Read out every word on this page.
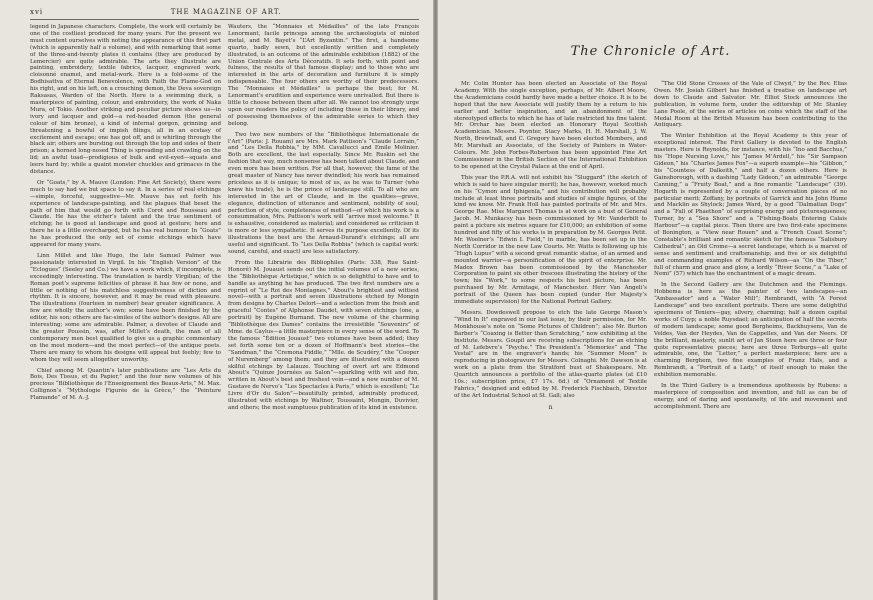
xvi	THE MAGAZINE OF ART.

legend in Japanese characters. Complete, the work will certainly be one of the costliest produced for many years. For the present we must content ourselves with noting the appearance of this first part (which is apparently half a volume), and with remarking that some of the three-and-twenty plates it contains (they are produced by Lemercier) are quite admirable. The arts they illustrate are painting, embroidery, textile fabrics, lacquer, engraved work, cloisonné enamel, and metal-work. Here is a fold-some of the Bodhisattva of Eternal Benevolence, with Faith the Flame-God on his right, and on his left, on a crouching demon, the Deva sovereign Raksasas, Warden of the North. Here is a swimming duck, a masterpiece of painting, colour, and embroidery, the work of Naka Mura, of Tokio. Another striking and peculiar picture shows us—in ivory and lacquer and gold—a red-headed demon (the general colour of him bronze), a kind of infernal gorgon, grinning and threatening a bowful of impish filings, all in an ecstasy of excitement and escape; one has got off, and is whirling through the black air; others are bursting out through the top and sides of their prison; a horned long-nosed Thing is spreading and crawling on the lid; an awful toad—prodigious of bulk and evil-eyed—squats and leers hard by; while a quaint monster chuckles and grimaces in the distance.

Or “Goats,” by A. Mauve (London: Fine Art Society), there were much to say had we but space to say it. In a series of real etchings—simple, forceful, suggestive—Mr. Mauve has set forth his experience of landscape-painting, and the plagues that beset the path of him that would go forth with Corot and Rousseau and Claude. He has the etcher’s talent and the true sentiment of etching; he is good at landscape and good at gesture; here and there he is a little overcharged, but he has real humour. In “Goats” he has produced the only set of comic etchings which have appeared for many years.

Linn Millet and like Hugo, the late Samuel Palmer was passionately interested in Virgil. In his “English Version” of the “Eclogues” (Seeley and Co.) we have a work which, if incomplete, is exceedingly interesting. The translation is hardly Virgilian; of the Roman poet’s supreme felicities of phrase it has few or none, and little or nothing of his matchless suggestiveness of diction and rhythm. It is sincere, however, and it may be read with pleasure. The illustrations (fourteen in number) bear greater significance. A few are wholly the author’s own; some have been finished by the editor, his son; others are fac-similes of the author’s designs. All are interesting; some are admirable. Palmer, a devotee of Claude and the greater Poussin, was, after Millet’s death, the man of all contemporary men best qualified to give us a graphic commentary on the most modern—and the most perfect—of the antique poets. There are many to whom his designs will appeal but feebly; few to whom they will seem altogether unworthy.

Chief among M. Quantin’s later publications are “Les Arts du Bois, Des Tissus, et du Papier,” and the four new volumes of his precious “Bibliothèque de l’Enseignement des Beaux-Arts,” M. Max. Collignon’s “Mythologie Figurée de la Grèce,” the “Peinture Flamande” of M. A.-J.

Wauters, the “Monnaies et Médailles” of the late François Lenormant, facile princeps among the archæologists of minted metal, and M. Bayet’s “L’Art Byzantin.” The first, a handsome quarto, badly sewn, but excellently written and completely illustrated, is an outcome of the admirable exhibition (1882) of the Union Centrale des Arts Décoratifs. It sets forth, with point and fulness, the results of that famous display; and to those who are interested in the arts of decoration and furniture it is simply indispensable. The four others are worthy of their predecessors. The “Monnaies et Médailles” is perhaps the best; for M. Lenormant’s erudition and experience were unrivalled. But there is little to choose between them after all. We cannot too strongly urge upon our readers the policy of including these in their library, and of possessing themselves of the admirable series to which they belong.

Two two new numbers of the “Bibliothèque Internationale de l’Art” (Paris: J. Rouam) are Mrs. Mark Pattison’s “Claude Lorrain,” and “Les Della Robbia,” by MM. Cavallucci and Emile Molinier. Both are excellent, the last especially. Since Mr. Ruskin set the fashion that way, much nonsense has been talked about Claude, and even more has been written. For all that, however, the fame of the great master of Nancy has never dwindled; his work has remained priceless as it is unique; to most of us, as he was to Turner (who knew his trade), he is the prince of landscape still. To all who are interested in the art of Claude, and in the qualities—grave, elegance, distinction of utterance and sentiment, nobility of soul, perfection of style, completeness of method—of which his work is a consummation, Mrs. Pattison’s work will “arrive most welcome.” It is exhaustive, considered as material; and considered as criticism it is more or less sympathetic. It serves its purpose excellently. Of its illustrations the best are the Arnaud-Durand’s etchings; all are useful and significant. To “Les Della Robbia” (which is capital work: sound, careful, and exact) are less satisfactory.

From the Librairie des Bibliophiles (Paris: 338, Rue Saint-Honoré) M. Jouaust sends out the initial volumes of a new series, the “Bibliothèque Artistique,” which is so delightful to have and to handle as anything he has produced. The two first numbers are a reprint of “Le Roi des Montagnes,” About’s brightest and wittiest novel—with a portrait and seven illustrations etched by Mongin from designs by Charles Delort—and a selection from the fresh and graceful “Contes” of Alphonse Daudet, with seven etchings (one, a portrait) by Eugène Burnand. The new volume of the charming “Bibliothèque des Dames” contains the irresistible “Souvenirs” of Mme. de Caylus—a little masterpiece in every sense of the word. To the famous “Édition Jouaust” two volumes have been added; they set forth some ten or a dozen of Hoffmann’s best stories—the “Sandman,” the “Cremona Fiddle,” “Mlle. de Scudéry,” the “Cooper of Nuremberg” among them; and they are illustrated with a dozen skilful etchings by Lalauze. Touching of overt art are Edmond About’s “Quinze Journées au Salon”—sparkling with wit and fun, written in About’s best and freshest vein—and a new number of M. Gustave de Nervo’s “Les Spectacles à Paris,” which is excellent; “Le Livre d’Or du Salon”—beautifully printed, admirably produced, illustrated with etchings by Waltner, Toussaint, Mongin, Duvivier, and others; the most sumptuous publication of its kind in existence.

The Chronicle of Art.

Mr. Colin Hunter has been elected an Associate of the Royal Academy. With the single exception, perhaps, of Mr. Albert Moore, the Academicians could hardly have made a better choice. It is to be hoped that the new Associate will justify them by a return to his earlier and better inspiration, and an abandonment of the stereotyped effects to which he has of late restricted his fine talent. Mr. Orchar has been elected an Honorary Royal Scottish Academician. Messrs. Poynter, Stacy Marks, H. H. Marshall, J. W. North, Brewtnall, and C. Gregory have been elected Members, and Mr. Marshall an Associate, of the Society of Painters in Water-Colours. Mr. John Forbes-Robertson has been appointed Fine Art Commissioner in the British Section of the International Exhibition to be opened at the Crystal Palace at the end of April.

This year the P.R.A. will not exhibit his “Sluggard” (the sketch of which is said to have singular merit); he has, however, worked much on his “Cymon and Iphigenia,” and his contribution will probably include at least three portraits and studies of single figures, of the kind we know. Mr. Frank Holl has painted portraits of Mr. and Mrs. George Rae. Miss Margaret Thomas is at work on a bust of General Jacob. M. Munkacsy has been commissioned by Mr. Vanderbilt to paint a picture six metres square for £10,000; an exhibition of some hundred and fifty of his works is in preparation by M. Georges Petit. Mr. Woolner’s “Edwin I. Field,” in marble, has been set up in the North Corridor in the new Law Courts. Mr. Watts is following up his “Hugh Lupus” with a second great romantic statue, of an armed and mounted warrior—a personification of the spirit of enterprise. Mr. Madox Brown has been commissioned by the Manchester Corporation to paint six other frescoes illustrating the history of the town; his “Work,” to some respects his best picture, has been purchased by Mr. Armitage, of Manchester. Herr Van Angeli’s portrait of the Queen has been copied (under Her Majesty’s immediate supervision) for the National Portrait Gallery.

Messrs. Dowdeswell propose to etch the late George Mason’s “Wind In It” engraved in our last issue, by their permission, for Mr. Monkhouse’s note on “Some Pictures of Children”; also Mr. Burton Barber’s “Coaxing is Better than Scratching,” now exhibiting at the Institute. Messrs. Goupil are receiving subscriptions for an etching of M. Lefebvre’s “Psyche.” The President’s “Memories” and “The Vestal” are in the engraver’s hands; his “Summer Moon” is reproducing in photogravure for Messrs. Colnaghi. Mr. Dawson is at work on a plate from the Stratford bust of Shakespeare. Mr. Quaritch announces a portfolio of the atlas-quarto plates (at £10 10s.; subscription price, £7 17s. 6d.) of “Ornament of Textile Fabrics,” designed and edited by M. Frederick Fischbach, Director of the Art Industrial School at St. Gall; also

n

“The Old Stone Crosses of the Vale of Clwyd,” by the Rev. Elias Owen. Mr. Josiah Gilbert has finished a treatise on landscape art down to Claude and Salvator. Mr. Elliot Stock announces the publication, in volume form, under the editorship of Mr. Stanley Lane Poole, of the series of articles on coins which the staff of the Medal Room at the British Museum has been contributing to the Antiquary.

The Winter Exhibition at the Royal Academy is this year of exceptional interest. The First Gallery is devoted to the English masters. Here is Reynolds, for instance, with his “Ino and Bacchus,” his “Hope Nursing Love,” his “James M’Ardell,” his “Sir Sampson Gideon,” his “Charles James Fox”—a superb example—his “Gibbon,” his “Countess of Dalkeith,” and half a dozen others. Here is Gainsborough, with a dashing “Lady Gideon,” an admirable “George Canning,” a “Fruity Boat,” and a fine romantic “Landscape” (39). Hogarth is represented by a couple of conversation pieces of no particular merit; Zoffany, by portraits of Garrick and his John Hume and Macklin as Shylock; James Ward, by a good “Dalmatian Dogs” and a “Fall of Phaethon” of surprising energy and picturesqueness; Turner, by a “Sea Shore” and a “Fishing-Boats Entering Calais Harbour”—a capital piece. Then there are two first-rate specimens of Bonington, a “View near Rouen” and a “French Coast Scene”; Constable’s brilliant and romantic sketch for the famous “Salisbury Cathedral”; an Old Crome—a secret landscape, which is a marvel of sense and sentiment and craftsmanship; and five or six delightful and commanding examples of Richard Wilson—as “On the Tiber,” full of charm and grace and glow, a lordly “River Scene,” a “Lake of Nemi” (57) which has the enchantment of a magic dream.

In the Second Gallery are the Dutchmen and the Flemings. Hobbema is here as the painter of two landscapes—an “Ambassador” and a “Water Mill”; Rembrandt, with “A Forest Landscape” and two excellent portraits. There are some delightful specimens of Teniers—gay, silvery, charming; half a dozen capital works of Cuyp; a noble Ruysdael; an anticipation of half the secrets of modern landscape; some good Bergheims, Backhuysens, Van de Veldes, Van der Heydes, Van de Cappelles, and Van der Neers. Of the brilliant, masterly, sunlit art of Jan Steen here are three or four quite representative pieces; here are three Terburgs—all quite admirable, one, the “Letter,” a perfect masterpiece; here are a charming Berghem, two fine examples of Franz Hals, and a Rembrandt, a “Portrait of a Lady,” of itself enough to make the exhibition memorable.

In the Third Gallery is a tremendous apotheosis by Rubens: a masterpiece of composition and invention, and full as can be of energy, and of daring and spontaneity, of life and movement and accomplishment. There are
